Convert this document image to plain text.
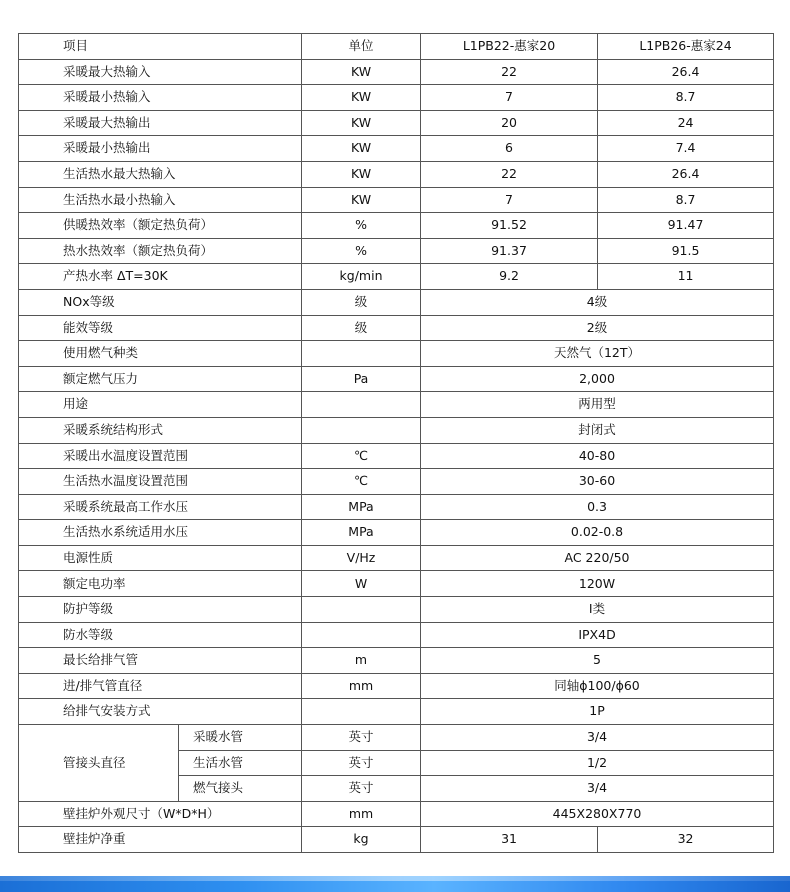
项目		单位	L1PB22-惠家20	L1PB26-惠家24
采暖最大热输入		KW	22	26.4
采暖最小热输入		KW	7	8.7
采暖最大热输出		KW	20	24
采暖最小热输出		KW	6	7.4
生活热水最大热输入		KW	22	26.4
生活热水最小热输入		KW	7	8.7
供暖热效率（额定热负荷）		%	91.52	91.47
热水热效率（额定热负荷）		%	91.37	91.5
产热水率 ΔT=30K		kg/min	9.2	11
NOx等级		级	4级	
能效等级		级	2级	
使用燃气种类			天然气（12T）	
额定燃气压力		Pa	2,000	
用途			两用型	
采暖系统结构形式			封闭式	
采暖出水温度设置范围		℃	40-80	
生活热水温度设置范围		℃	30-60	
采暖系统最高工作水压		MPa	0.3	
生活热水系统适用水压		MPa	0.02-0.8	
电源性质		V/Hz	AC 220/50	
额定电功率		W	120W	
防护等级			Ⅰ类	
防水等级			IPX4D	
最长给排气管		m	5	
进/排气管直径		mm	同轴ϕ100/ϕ60	
给排气安装方式			1P	
管接头直径	采暖水管	英寸	3/4	
	生活水管	英寸	1/2	
	燃气接头	英寸	3/4	
壁挂炉外观尺寸（W*D*H）		mm	445X280X770	
壁挂炉净重		kg	31	32
